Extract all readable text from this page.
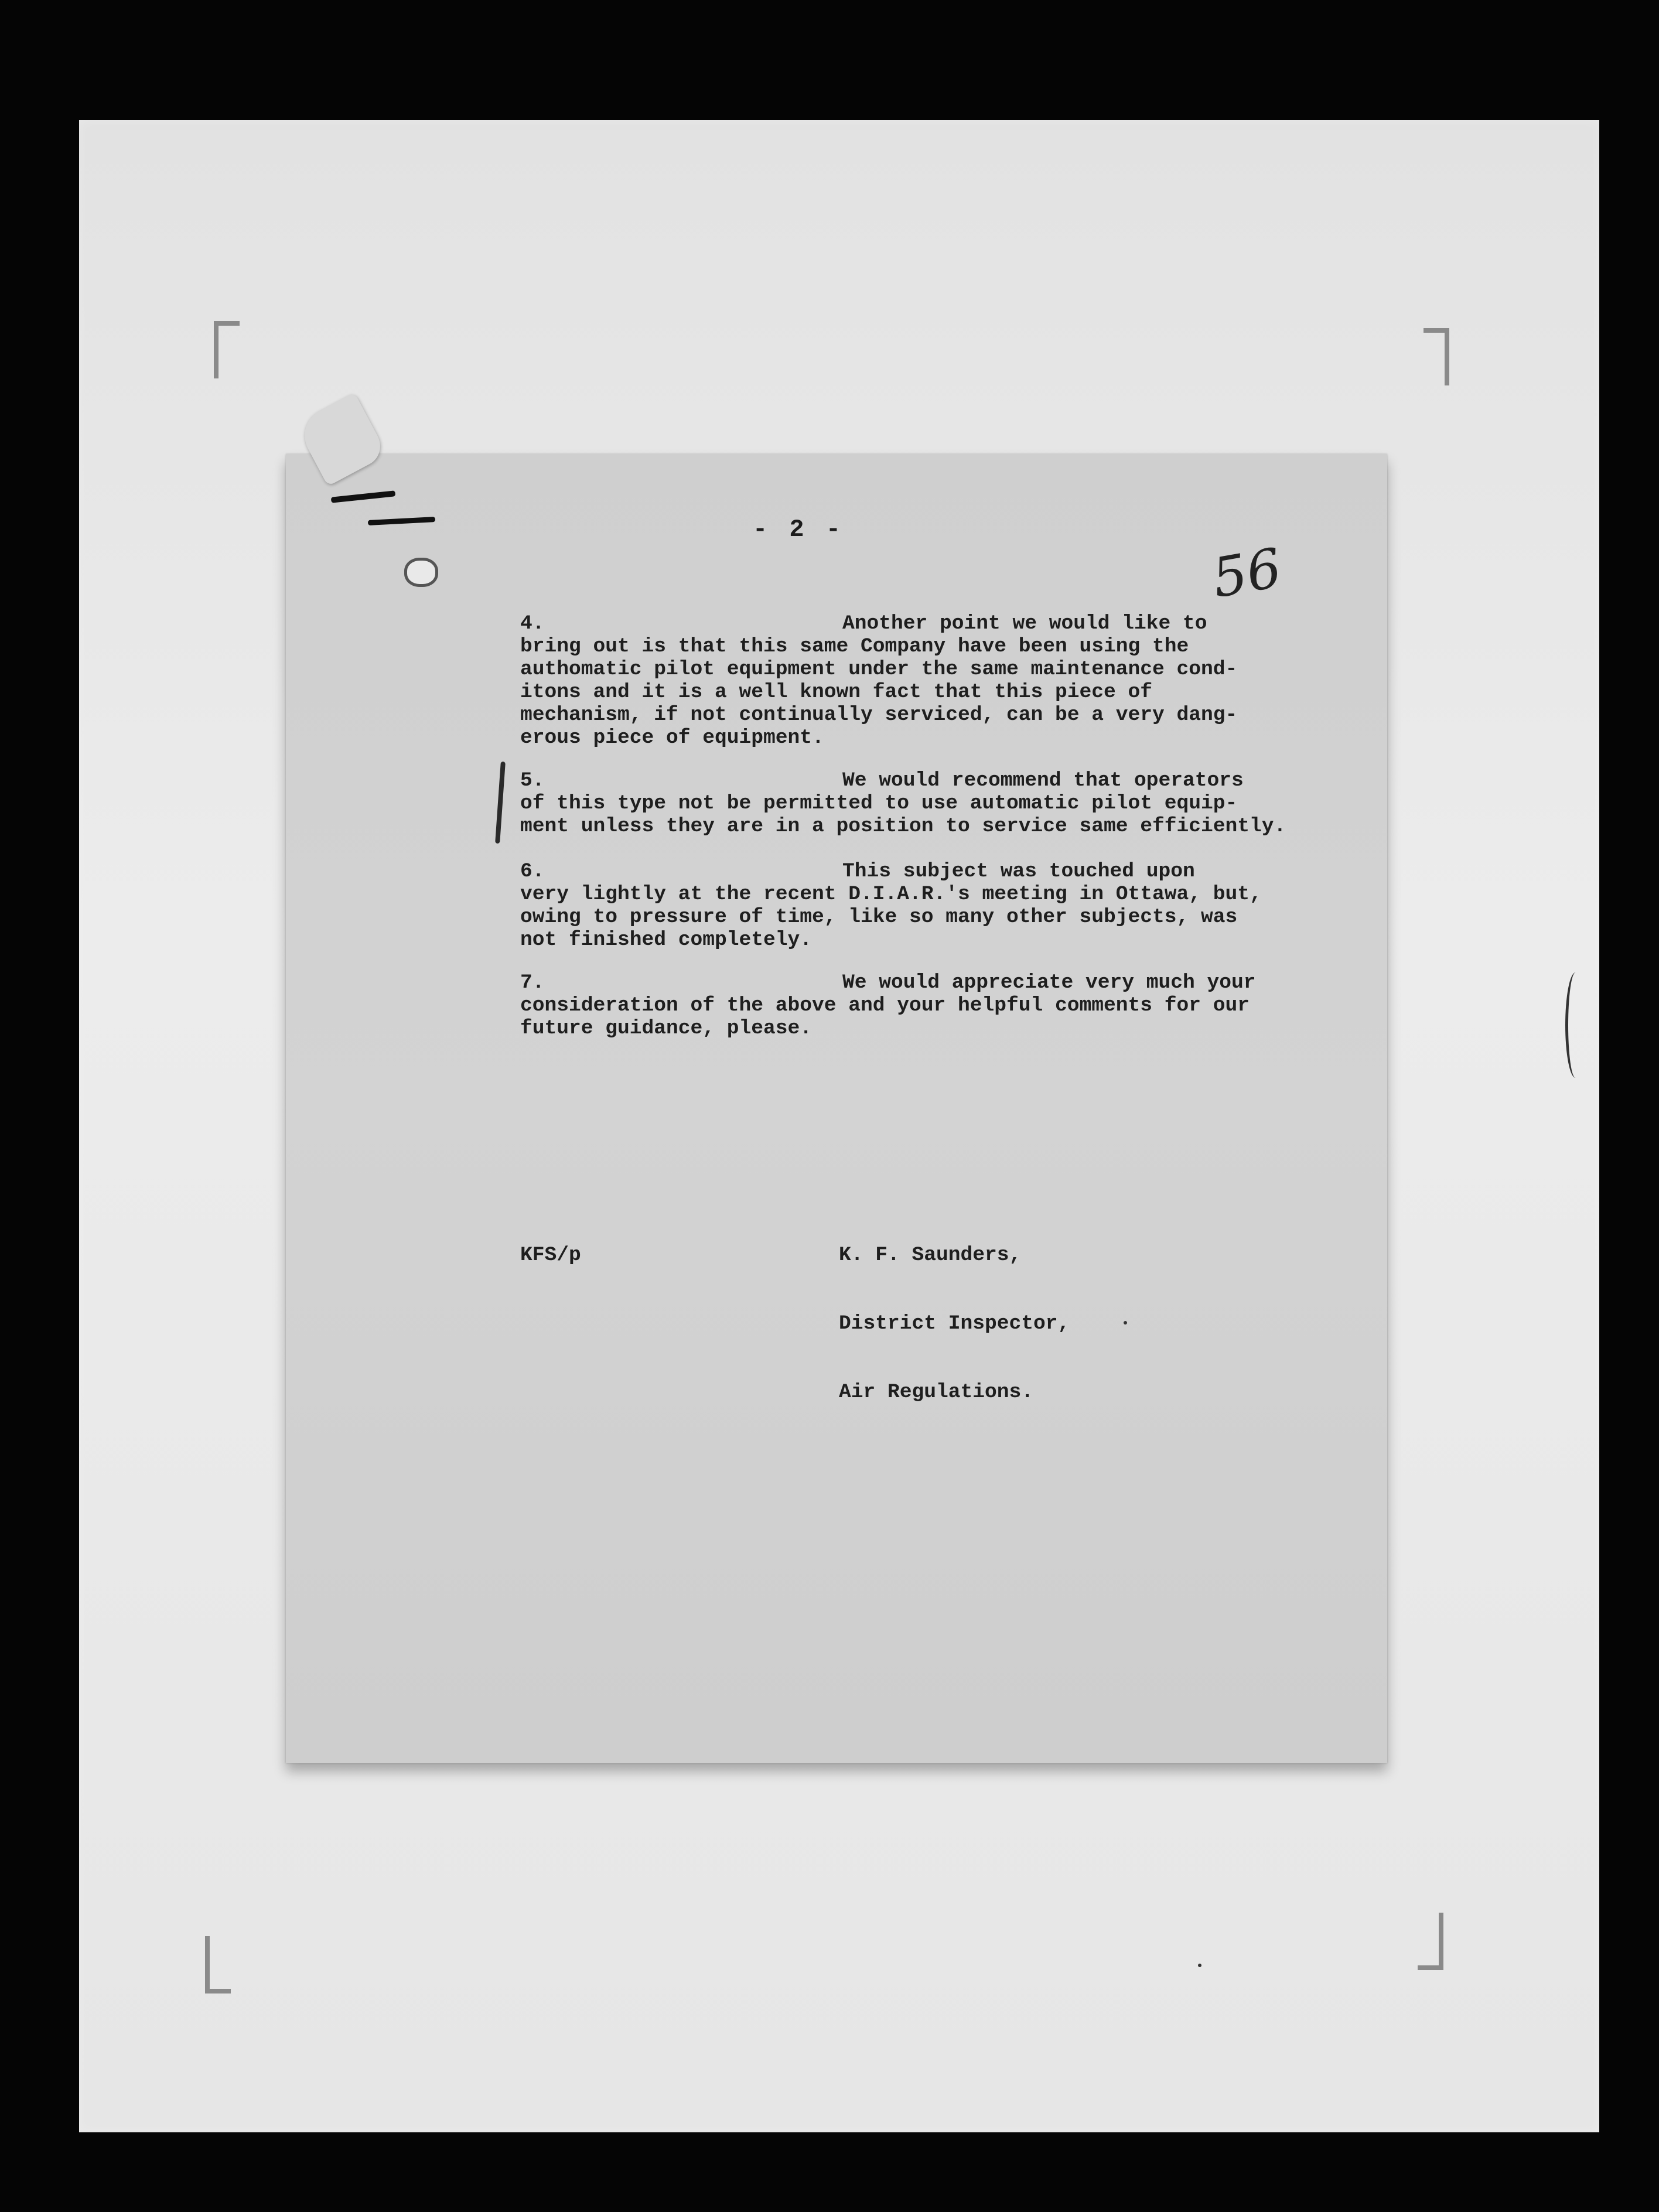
- 2 -
56
4.	Another point we would like to
bring out is that this same Company have been using the
authomatic pilot equipment under the same maintenance cond-
itons and it is a well known fact that this piece of
mechanism, if not continually serviced, can be a very dang-
erous piece of equipment.
5.	We would recommend that operators
of this type not be permitted to use automatic pilot equip-
ment unless they are in a position to service same efficiently.
6.	This subject was touched upon
very lightly at the recent D.I.A.R.'s meeting in Ottawa, but,
owing to pressure of time, like so many other subjects, was
not finished completely.
7.	We would appreciate very much your
consideration of the above and your helpful comments for our
future guidance, please.

K. F. Saunders,

District Inspector,

Air Regulations.

KFS/p
